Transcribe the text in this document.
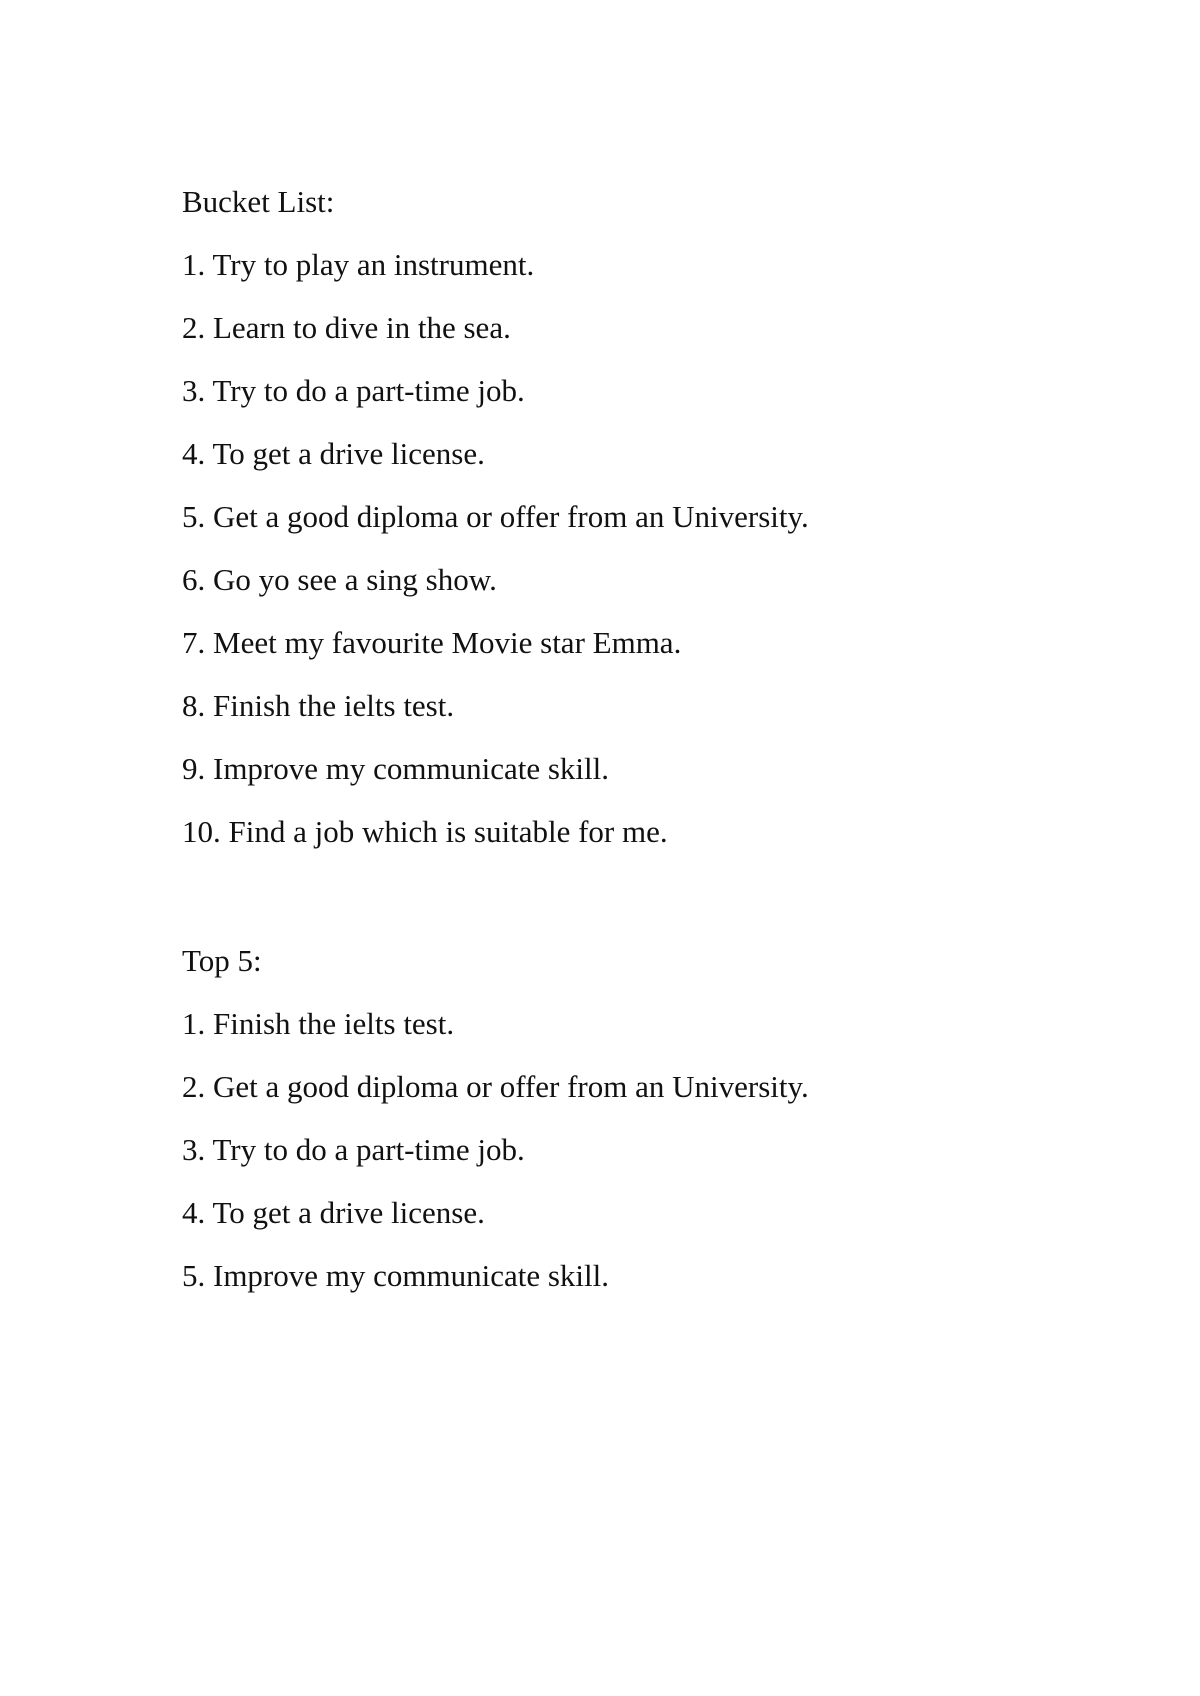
Bucket List:

1. Try to play an instrument.
2. Learn to dive in the sea.
3. Try to do a part-time job.
4. To get a drive license.
5. Get a good diploma or offer from an University.
6. Go yo see a sing show.
7. Meet my favourite Movie star Emma.
8. Finish the ielts test.
9. Improve my communicate skill.
10. Find a job which is suitable for me.

Top 5:

1. Finish the ielts test.
2. Get a good diploma or offer from an University.
3. Try to do a part-time job.
4. To get a drive license.
5. Improve my communicate skill.
